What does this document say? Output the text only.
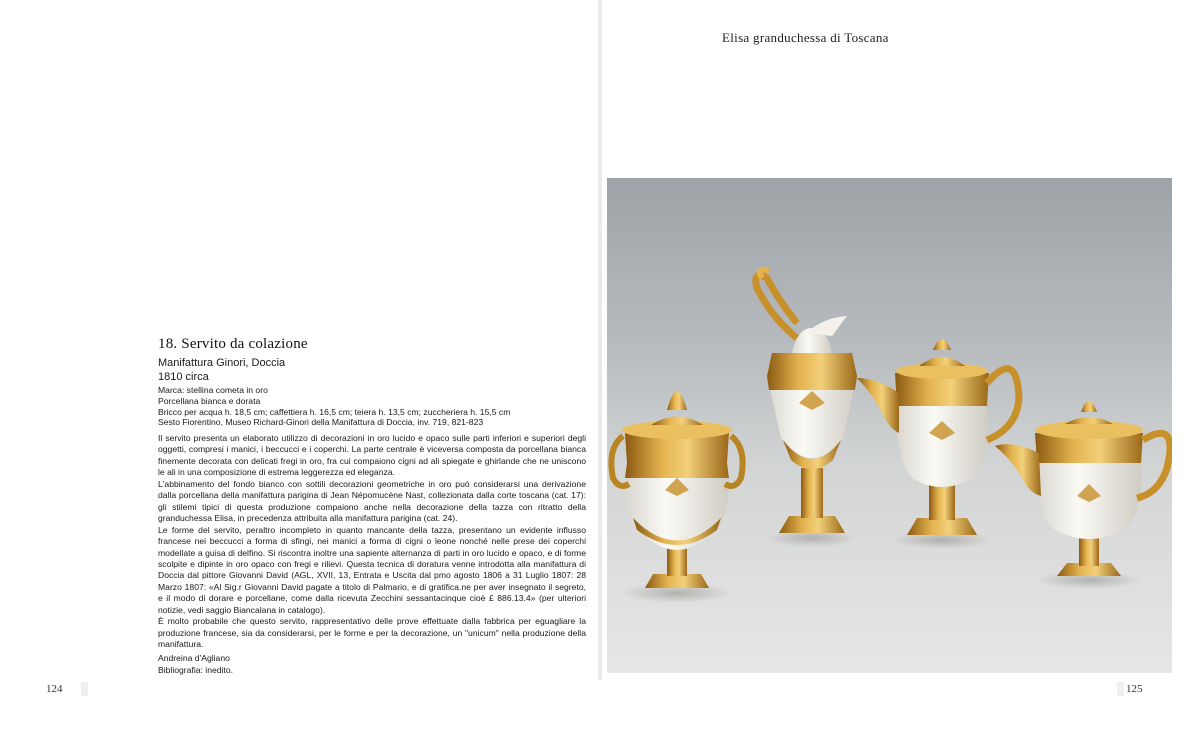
Elisa granduchessa di Toscana
124	125
18. Servito da colazione

Manifattura Ginori, Doccia

1810 circa

Marca: stellina cometa in oro
Porcellana bianca e dorata
Bricco per acqua h. 18,5 cm; caffettiera h. 16,5 cm; teiera h. 13,5 cm; zuccheriera h. 15,5 cm
Sesto Fiorentino, Museo Richard-Ginori della Manifattura di Doccia, inv. 719, 821-823

Il servito presenta un elaborato utilizzo di decorazioni in oro lucido e opaco sulle parti inferiori e superiori degli oggetti, compresi i manici, i beccucci e i coperchi. La parte centrale è viceversa composta da porcellana bianca finemente decorata con delicati fregi in oro, fra cui compaiono cigni ad ali spiegate e ghirlande che ne uniscono le ali in una composizione di estrema leggerezza ed eleganza.

L'abbinamento del fondo bianco con sottili decorazioni geometriche in oro può considerarsi una derivazione dalla porcellana della manifattura parigina di Jean Népomucène Nast, collezionata dalla corte toscana (cat. 17): gli stilemi tipici di questa produzione compaiono anche nella decorazione della tazza con ritratto della granduchessa Elisa, in precedenza attribuita alla manifattura parigina (cat. 24).

Le forme del servito, peraltro incompleto in quanto mancante della tazza, presentano un evidente influsso francese nei beccucci a forma di sfingi, nei manici a forma di cigni o leone nonché nelle prese dei coperchi modellate a guisa di delfino. Si riscontra inoltre una sapiente alternanza di parti in oro lucido e opaco, e di forme scolpite e dipinte in oro opaco con fregi e rilievi. Questa tecnica di doratura venne introdotta alla manifattura di Doccia dal pittore Giovanni David (AGL, XVII, 13, Entrata e Uscita dal pmo agosto 1806 a 31 Luglio 1807: 28 Marzo 1807: «Al Sig.r Giovanni David pagate a titolo di Palmario, e di gratifica.ne per aver insegnato il segreto, e il modo di dorare e porcellane, come dalla ricevuta Zecchini sessantacinque cioè £ 886.13.4» (per ulteriori notizie, vedi saggio Biancalana in catalogo).

È molto probabile che questo servito, rappresentativo delle prove effettuate dalla fabbrica per eguagliare la produzione francese, sia da considerarsi, per le forme e per la decorazione, un "unicum" nella produzione della manifattura.

Andreina d'Agliano
Bibliografia: inedito.
